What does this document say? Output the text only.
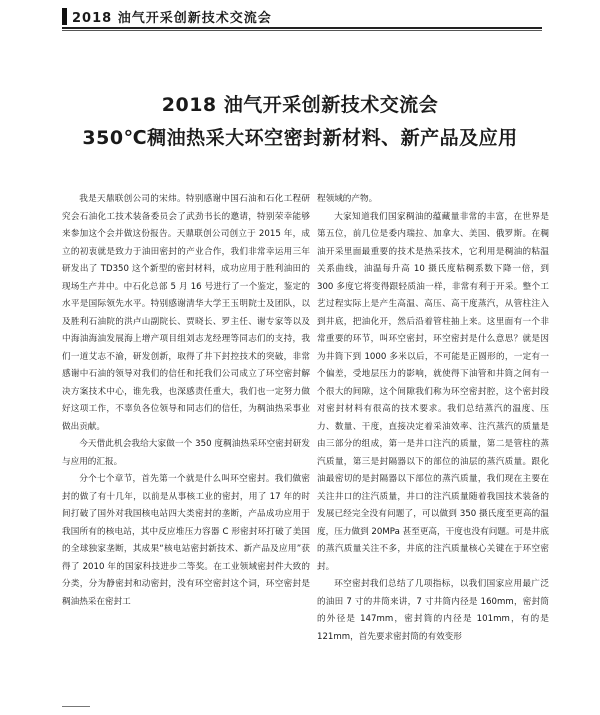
2018 油气开采创新技术交流会
2018 油气开采创新技术交流会
350℃稠油热采大环空密封新材料、新产品及应用

我是天鼎联创公司的宋炜。特别感谢中国石油和石化工程研究会石油化工技术装备委员会了武劲书长的邀请，特别荣幸能够来参加这个会并做这份报告。天鼎联创公司创立于 2015 年，成立的初衷就是致力于油田密封的产业合作，我们非常幸运用三年研发出了 TD350 这个新型的密封材料，成功应用于胜利油田的现场生产井中。中石化总部 5 月 16 号进行了一个鉴定，鉴定的水平是国际领先水平。特别感谢清华大学王玉明院士及团队，以及胜利石油院的洪卢山副院长、贾晓长、罗主任、谢专家等以及中海油海油发展海上增产项目组刘志龙经理等同志们的支持，我们一道艾志不渝，研发创新，取得了井下封控技术的突破，非常感谢中石油的领导对我们的信任和托我们公司成立了环空密封解决方案技术中心，谁先我，也深感责任重大，我们也一定努力做好这项工作，不辜负各位领导和同志们的信任，为稠油热采事业做出贡献。

今天借此机会我给大家做一个 350 度稠油热采环空密封研发与应用的汇报。

分个七个章节，首先第一个就是什么叫环空密封。我们做密封的做了有十几年，以前是从事核工业的密封，用了 17 年的时间打破了国外对我国核电站四大类密封的垄断，产品成功应用于我国所有的核电站，其中反应堆压力容器 C 形密封环打破了美国的全球独家垄断，其成果“核电站密封新技术、新产品及应用”获得了 2010 年的国家科技进步二等奖。在工业领域密封件大致的分类，分为静密封和动密封，没有环空密封这个词，环空密封是稠油热采在密封工

程领域的产物。

大家知道我们国家稠油的蕴藏量非常的丰富，在世界是第五位，前几位是委内瑞拉、加拿大、美国、俄罗斯。在稠油开采里面最重要的技术是热采技术，它利用是稠油的粘温关系曲线，油温每升高 10 摄氏度粘稠系数下降一倍，到 300 多度它将变得跟轻质油一样，非常有利于开采。整个工艺过程实际上是产生高温、高压、高干度蒸汽，从管柱注入到井底，把油化开，然后沿着管柱抽上来。这里面有一个非常重要的环节，叫环空密封，环空密封是什么意思？就是因为井筒下到 1000 多米以后，不可能是正圆形的，一定有一个偏差，受地层压力的影响，就使得下油管和井筒之间有一个很大的间隙，这个间隙我们称为环空密封腔，这个密封段对密封材料有很高的技术要求。我们总结蒸汽的温度、压力、数量、干度，直接决定着采油效率、注汽蒸汽的质量是由三部分的组成，第一是井口注汽的质量，第二是管柱的蒸汽质量，第三是封隔器以下的部位的油层的蒸汽质量。跟化油最密切的是封隔器以下部位的蒸汽质量，我们现在主要在关注井口的注汽质量，井口的注汽质量随着我国技术装备的发展已经完全没有问题了，可以做到 350 摄氏度至更高的温度，压力做到 20MPa 甚至更高，干度也没有问题。可是井底的蒸汽质量关注不多，井底的注汽质量核心关键在于环空密封。

环空密封我们总结了几项指标，以我们国家应用最广泛的油田 7 寸的井筒来讲，7 寸井筒内径是 160mm，密封筒的外径是 147mm，密封筒的内径是 101mm，有的是 121mm，首先要求密封筒的有效变形
